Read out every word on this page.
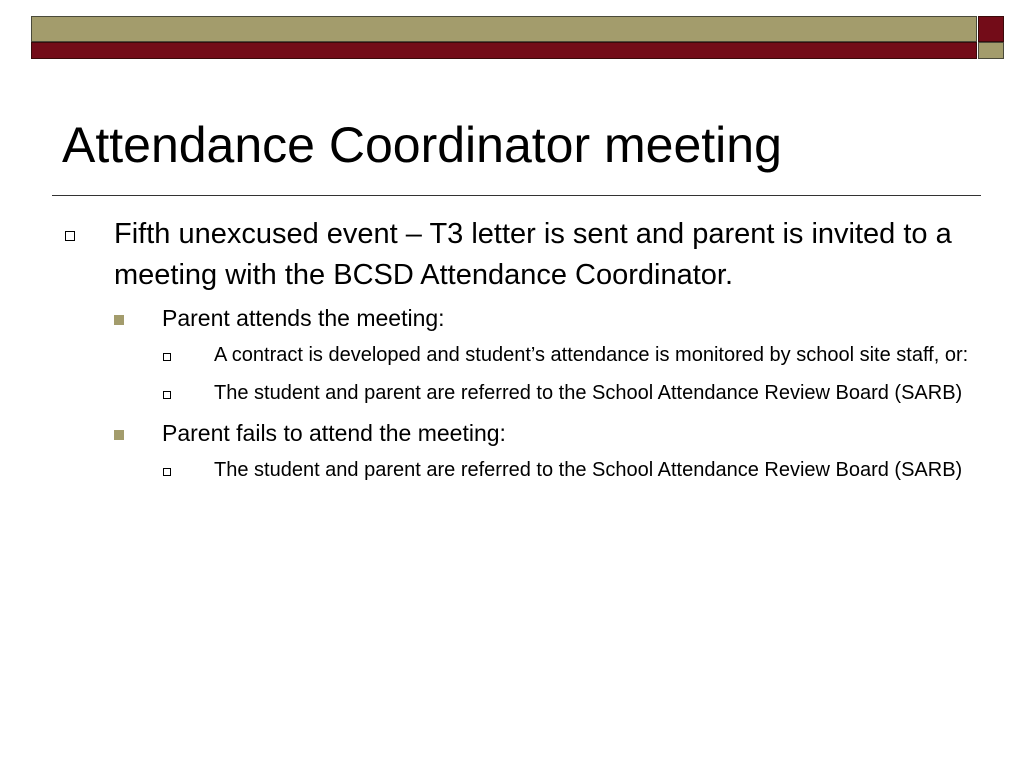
Attendance Coordinator meeting
Fifth unexcused event – T3 letter is sent and parent is invited to a meeting with the BCSD Attendance Coordinator.
Parent attends the meeting:
A contract is developed and student’s attendance is monitored by school site staff, or:
The student and parent are referred to the School Attendance Review Board (SARB)
Parent fails to attend the meeting:
The student and parent are referred to the School Attendance Review Board (SARB)
